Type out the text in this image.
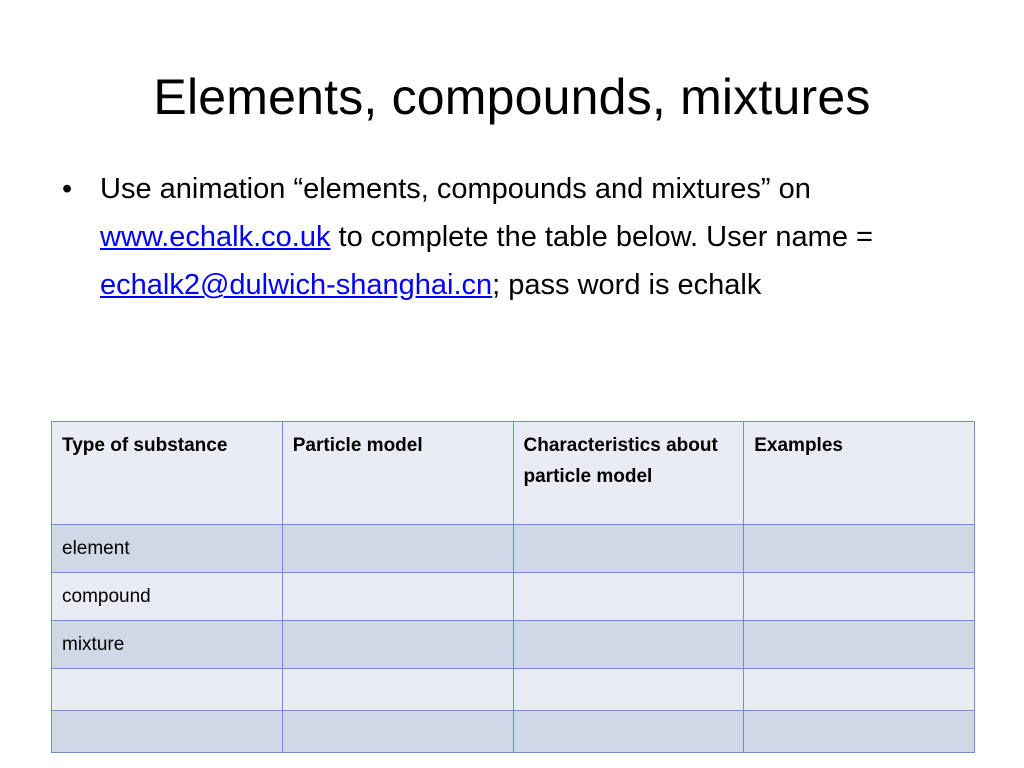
Elements, compounds, mixtures
• Use animation “elements, compounds and mixtures” on www.echalk.co.uk to complete the table below. User name = echalk2@dulwich-shanghai.cn; pass word is echalk
Type of substance	Particle model	Characteristics about particle model	Examples
element			
compound			
mixture			
